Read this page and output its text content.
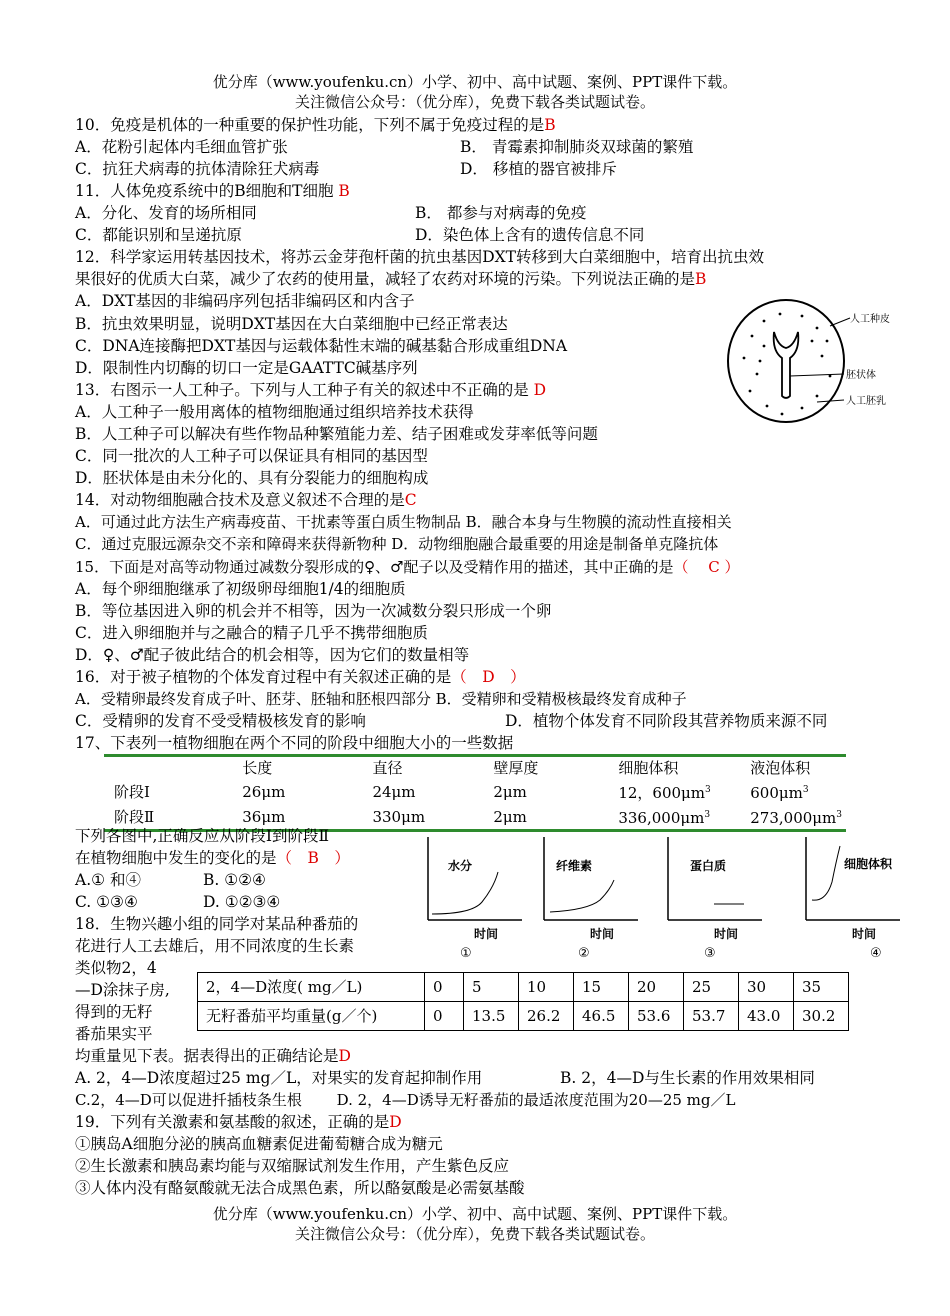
优分库（www.youfenku.cn）小学、初中、高中试题、案例、PPT课件下载。
关注微信公众号：（优分库），免费下载各类试题试卷。
10．免疫是机体的一种重要的保护性功能，下列不属于免疫过程的是B
A．花粉引起体内毛细血管扩张	B． 青霉素抑制肺炎双球菌的繁殖
C．抗狂犬病毒的抗体清除狂犬病毒	D． 移植的器官被排斥
11．人体免疫系统中的B细胞和T细胞 B
A．分化、发育的场所相同	B． 都参与对病毒的免疫
C．都能识别和呈递抗原	D．染色体上含有的遗传信息不同
12．科学家运用转基因技术，将苏云金芽孢杆菌的抗虫基因DXT转移到大白菜细胞中，培育出抗虫效
果很好的优质大白菜，减少了农药的使用量，减轻了农药对环境的污染。下列说法正确的是B
A．DXT基因的非编码序列包括非编码区和内含子
B．抗虫效果明显，说明DXT基因在大白菜细胞中已经正常表达
C．DNA连接酶把DXT基因与运载体黏性末端的碱基黏合形成重组DNA
D．限制性内切酶的切口一定是GAATTC碱基序列
人工种皮
胚状体
人工胚乳
13．右图示一人工种子。下列与人工种子有关的叙述中不正确的是 D
A．人工种子一般用离体的植物细胞通过组织培养技术获得
B．人工种子可以解决有些作物品种繁殖能力差、结子困难或发芽率低等问题
C．同一批次的人工种子可以保证具有相同的基因型
D．胚状体是由未分化的、具有分裂能力的细胞构成
14．对动物细胞融合技术及意义叙述不合理的是C
A．可通过此方法生产病毒疫苗、干扰素等蛋白质生物制品 B．融合本身与生物膜的流动性直接相关
C．通过克服远源杂交不亲和障碍来获得新物种 D．动物细胞融合最重要的用途是制备单克隆抗体
15．下面是对高等动物通过减数分裂形成的♀、♂配子以及受精作用的描述，其中正确的是（　 C ）
A．每个卵细胞继承了初级卵母细胞1/4的细胞质
B．等位基因进入卵的机会并不相等，因为一次减数分裂只形成一个卵
C．进入卵细胞并与之融合的精子几乎不携带细胞质
D．♀、♂配子彼此结合的机会相等，因为它们的数量相等
16．对于被子植物的个体发育过程中有关叙述正确的是（　D　）
A．受精卵最终发育成子叶、胚芽、胚轴和胚根四部分 B．受精卵和受精极核最终发育成种子
C．受精卵的发育不受受精极核发育的影响	D．植物个体发育不同阶段其营养物质来源不同
17、下表列一植物细胞在两个不同的阶段中细胞大小的一些数据
	长度	直径	壁厚度	细胞体积	液泡体积
阶段Ⅰ	26μm	24μm	2μm	12，$600\mu m^3$	$600\mu m^3$
阶段Ⅱ	36μm	330μm	2μm	$336,000\mu m^3$	$273,000\mu m^3$
下列各图中,正确反应从阶段Ⅰ到阶段Ⅱ
在植物细胞中发生的变化的是（　B　）
A.① 和④	B. ①②④
C. ①③④	D. ①②③④
水分
时间
①
纤维素
时间
②
蛋白质
时间
③
细胞体积
时间
④
18．生物兴趣小组的同学对某品种番茄的
花进行人工去雄后，用不同浓度的生长素
类似物2，4
—D涂抹子房,
得到的无籽
番茄果实平
2，4—D浓度( mg／L)	0	5	10	15	20	25	30	35
无籽番茄平均重量(g／个)	0	13.5	26.2	46.5	53.6	53.7	43.0	30.2
均重量见下表。据表得出的正确结论是D
A. 2，4—D浓度超过25 mg／L，对果实的发育起抑制作用	B. 2，4—D与生长素的作用效果相同
C.2，4—D可以促进扦插枝条生根　　 D. 2，4—D诱导无籽番茄的最适浓度范围为20—25 mg／L
19．下列有关激素和氨基酸的叙述，正确的是D
①胰岛A细胞分泌的胰高血糖素促进葡萄糖合成为糖元
②生长激素和胰岛素均能与双缩脲试剂发生作用，产生紫色反应
③人体内没有酪氨酸就无法合成黑色素，所以酪氨酸是必需氨基酸
优分库（www.youfenku.cn）小学、初中、高中试题、案例、PPT课件下载。
关注微信公众号：（优分库），免费下载各类试题试卷。
